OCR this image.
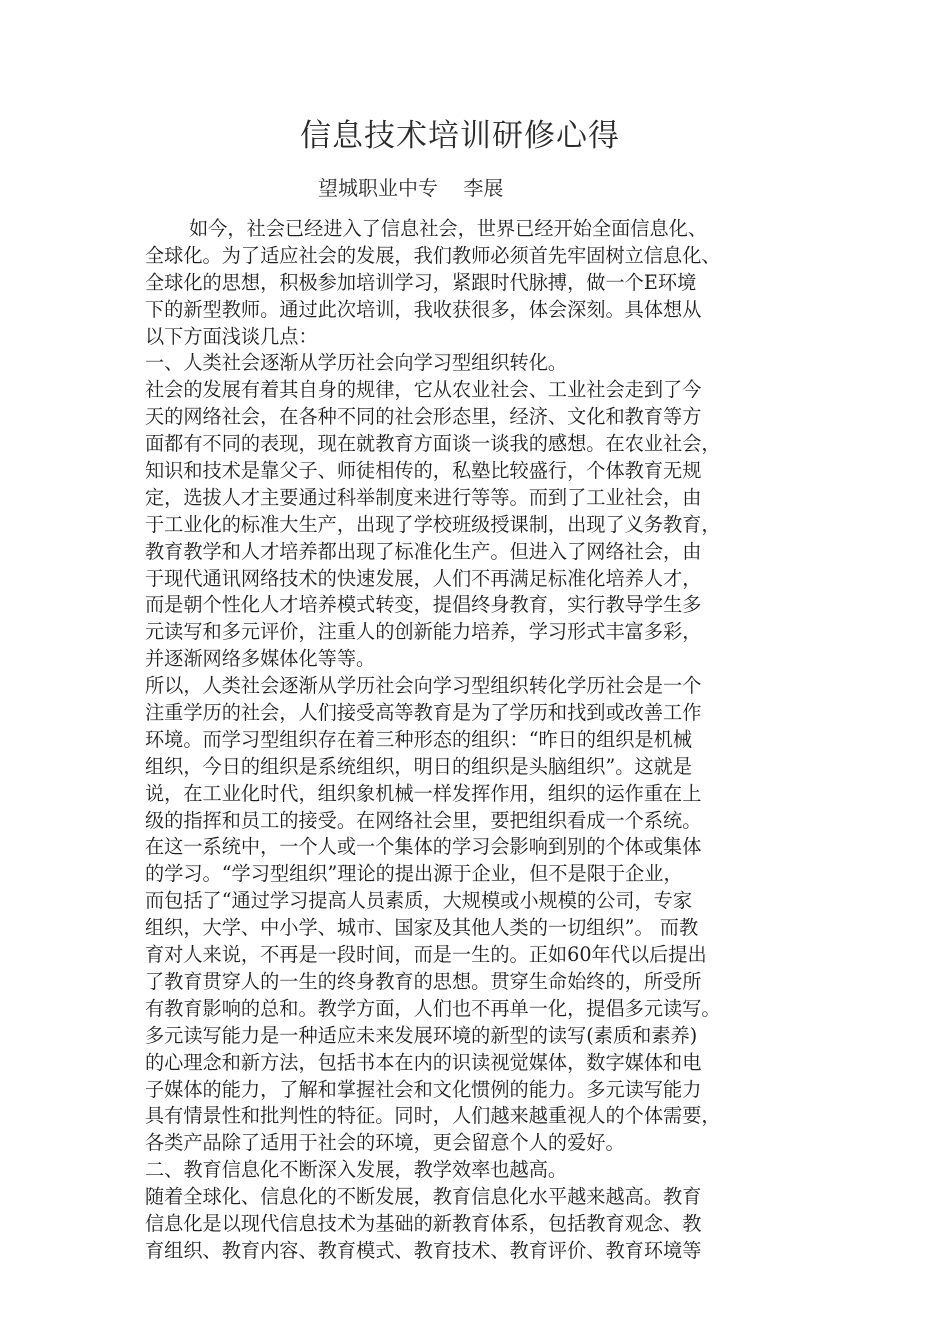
信息技术培训研修心得
望城职业中专    李展
如今，社会已经进入了信息社会，世界已经开始全面信息化、
全球化。为了适应社会的发展，我们教师必须首先牢固树立信息化、
全球化的思想，积极参加培训学习，紧跟时代脉搏，做一个E环境
下的新型教师。通过此次培训，我收获很多，体会深刻。具体想从
以下方面浅谈几点：
一、人类社会逐渐从学历社会向学习型组织转化。
社会的发展有着其自身的规律，它从农业社会、工业社会走到了今
天的网络社会，在各种不同的社会形态里，经济、文化和教育等方
面都有不同的表现，现在就教育方面谈一谈我的感想。在农业社会，
知识和技术是靠父子、师徒相传的，私塾比较盛行，个体教育无规
定，选拔人才主要通过科举制度来进行等等。而到了工业社会，由
于工业化的标准大生产，出现了学校班级授课制，出现了义务教育，
教育教学和人才培养都出现了标准化生产。但进入了网络社会，由
于现代通讯网络技术的快速发展，人们不再满足标准化培养人才，
而是朝个性化人才培养模式转变，提倡终身教育，实行教导学生多
元读写和多元评价，注重人的创新能力培养，学习形式丰富多彩，
并逐渐网络多媒体化等等。
所以，人类社会逐渐从学历社会向学习型组织转化学历社会是一个
注重学历的社会，人们接受高等教育是为了学历和找到或改善工作
环境。而学习型组织存在着三种形态的组织：“昨日的组织是机械
组织，今日的组织是系统组织，明日的组织是头脑组织”。这就是
说，在工业化时代，组织象机械一样发挥作用，组织的运作重在上
级的指挥和员工的接受。在网络社会里，要把组织看成一个系统。
在这一系统中，一个人或一个集体的学习会影响到别的个体或集体
的学习。“学习型组织”理论的提出源于企业，但不是限于企业，
而包括了“通过学习提高人员素质，大规模或小规模的公司，专家
组织，大学、中小学、城市、国家及其他人类的一切组织”。 而教
育对人来说，不再是一段时间，而是一生的。正如60年代以后提出
了教育贯穿人的一生的终身教育的思想。贯穿生命始终的，所受所
有教育影响的总和。教学方面，人们也不再单一化，提倡多元读写。
多元读写能力是一种适应未来发展环境的新型的读写(素质和素养)
的心理念和新方法，包括书本在内的识读视觉媒体，数字媒体和电
子媒体的能力，了解和掌握社会和文化惯例的能力。多元读写能力
具有情景性和批判性的特征。同时，人们越来越重视人的个体需要，
各类产品除了适用于社会的环境，更会留意个人的爱好。
二、教育信息化不断深入发展，教学效率也越高。
随着全球化、信息化的不断发展，教育信息化水平越来越高。教育
信息化是以现代信息技术为基础的新教育体系，包括教育观念、教
育组织、教育内容、教育模式、教育技术、教育评价、教育环境等
